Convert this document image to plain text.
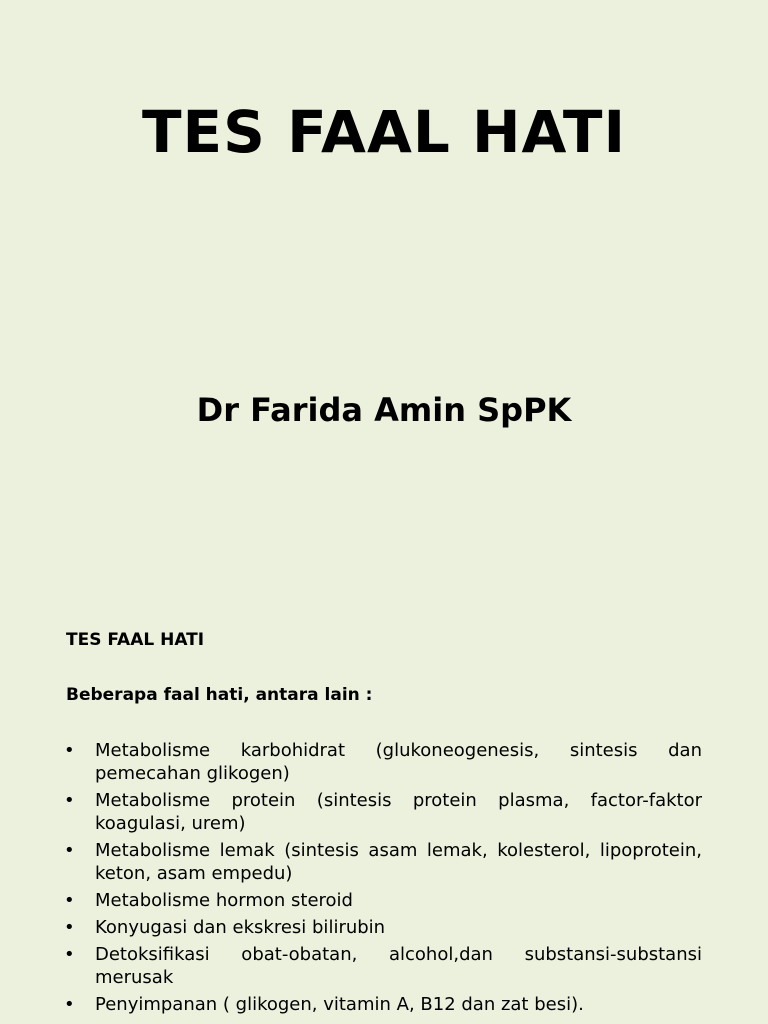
TES FAAL HATI
Dr Farida Amin SpPK
TES FAAL HATI

Beberapa faal hati, antara lain :

•	Metabolisme karbohidrat (glukoneogenesis, sintesis dan pemecahan glikogen)
•	Metabolisme protein (sintesis protein plasma, factor-faktor koagulasi, urem)
•	Metabolisme lemak (sintesis asam lemak, kolesterol, lipoprotein, keton, asam empedu)
•	Metabolisme hormon steroid
•	Konyugasi dan ekskresi bilirubin
•	Detoksifikasi obat-obatan, alcohol,dan substansi-substansi merusak
•	Penyimpanan ( glikogen, vitamin A, B12 dan zat besi).
